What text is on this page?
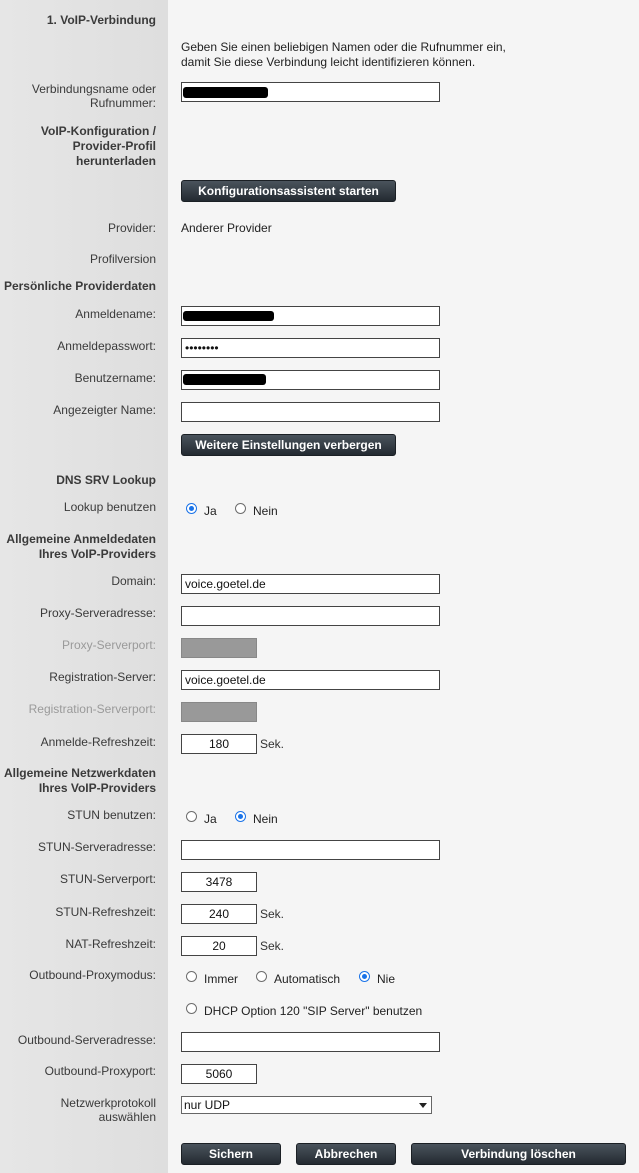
1. VoIP-Verbindung
Geben Sie einen beliebigen Namen oder die Rufnummer ein,
damit Sie diese Verbindung leicht identifizieren können.
Verbindungsname oder
Rufnummer:
VoIP-Konfiguration /
Provider-Profil
herunterladen
Konfigurationsassistent starten
Provider: Anderer Provider
Profilversion
Persönliche Providerdaten
Anmeldename:
Anmeldepasswort:
••••••••
Benutzername:
Angezeigter Name:
Weitere Einstellungen verbergen
DNS SRV Lookup
Lookup benutzen	Ja	Nein
Allgemeine Anmeldedaten
Ihres VoIP-Providers
Domain:
voice.goetel.de
Proxy-Serveradresse:
Proxy-Serverport:
Registration-Server:
voice.goetel.de
Registration-Serverport:
Anmelde-Refreshzeit:
180	Sek.
Allgemeine Netzwerkdaten
Ihres VoIP-Providers
STUN benutzen:	Ja	Nein
STUN-Serveradresse:
STUN-Serverport:
3478
STUN-Refreshzeit:
240	Sek.
NAT-Refreshzeit:
20	Sek.
Outbound-Proxymodus:	Immer	Automatisch	Nie
DHCP Option 120 "SIP Server" benutzen
Outbound-Serveradresse:
Outbound-Proxyport:
5060
Netzwerkprotokoll
auswählen
nur UDP
Sichern	Abbrechen	Verbindung löschen
